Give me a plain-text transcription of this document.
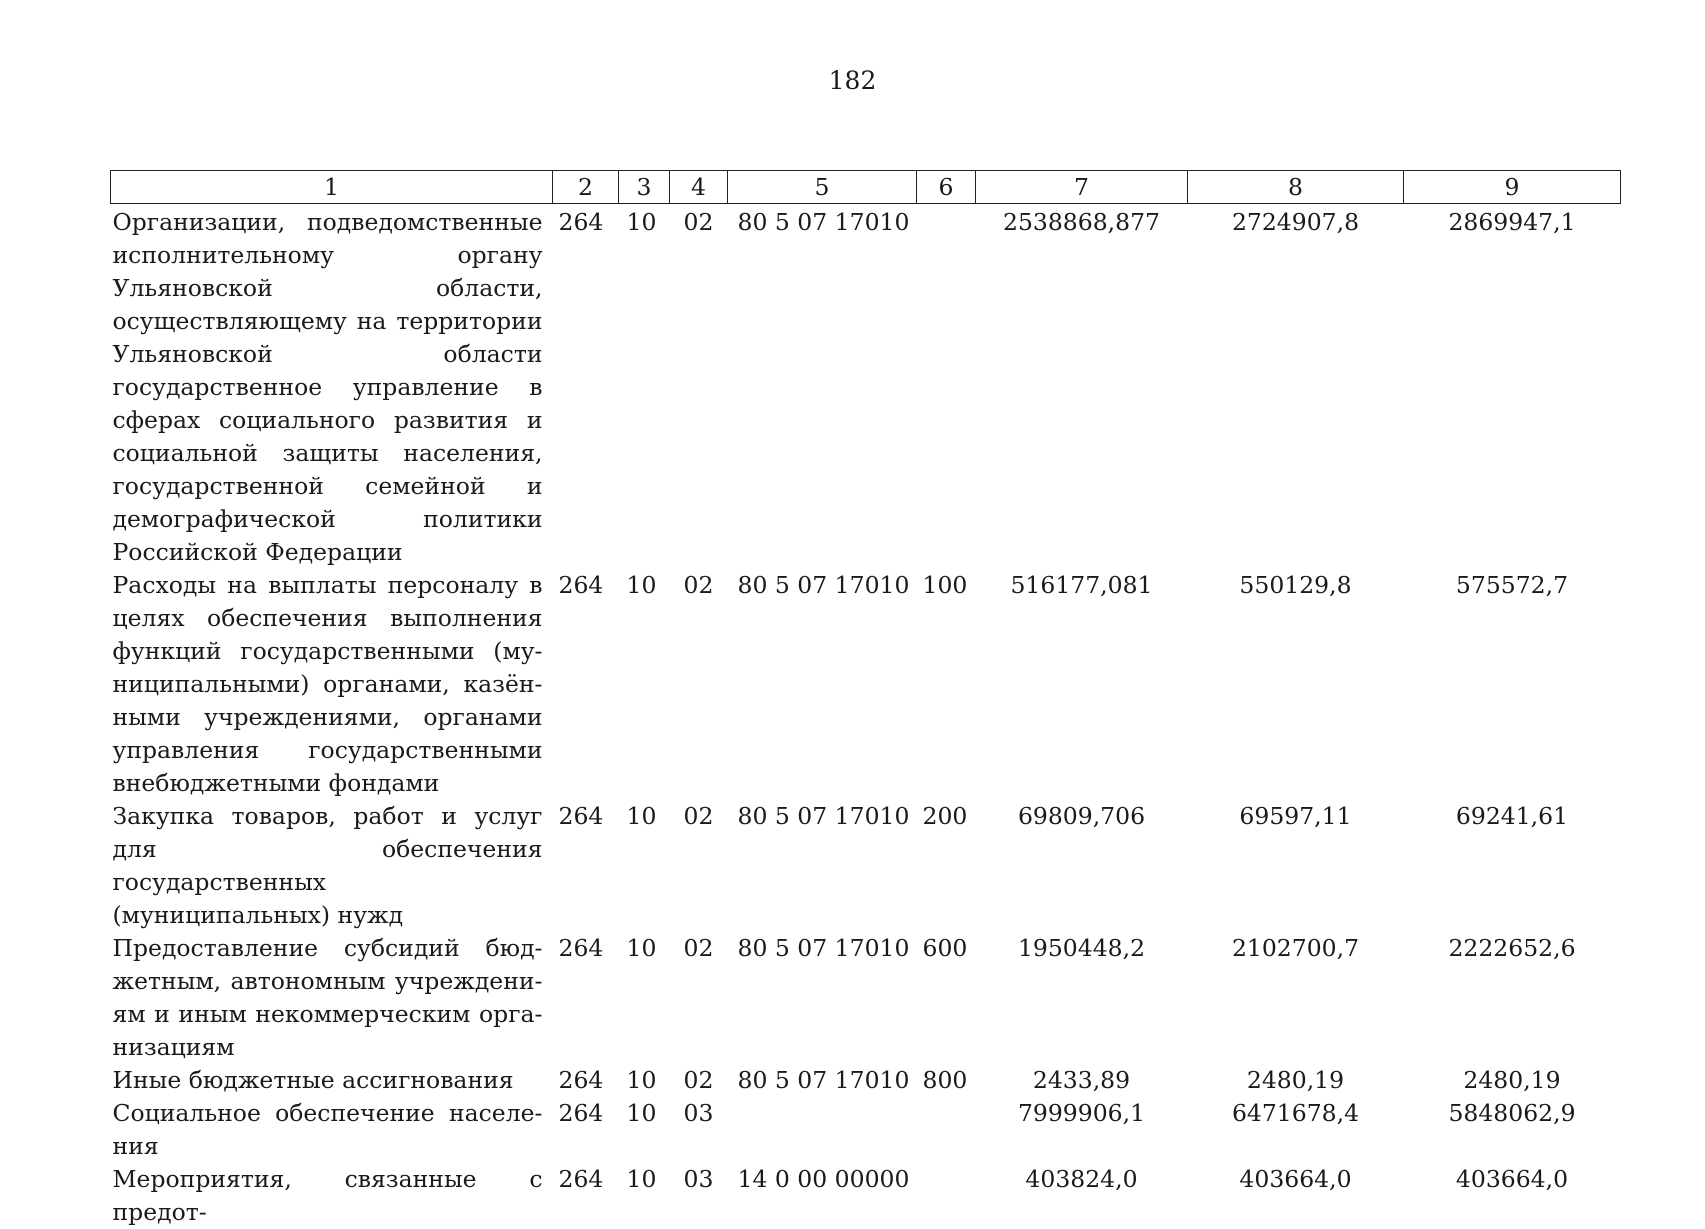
182
1	2	3	4	5	6	7	8	9
Организации, подведомственные исполнительному органу Ульяновской области, осуществляющему на территории Ульяновской области государственное управление в сферах социального развития и социальной защиты населения, государственной семейной и демографической политики Российской Федерации	264	10	02	80 5 07 17010		2538868,877	2724907,8	2869947,1
Расходы на выплаты персоналу в целях обеспечения выполнения функций государственными (муниципальными) органами, казёнными учреждениями, органами управления государственными внебюджетными фондами	264	10	02	80 5 07 17010	100	516177,081	550129,8	575572,7
Закупка товаров, работ и услуг для обеспечения государственных (муниципальных) нужд	264	10	02	80 5 07 17010	200	69809,706	69597,11	69241,61
Предоставление субсидий бюджетным, автономным учреждениям и иным некоммерческим организациям	264	10	02	80 5 07 17010	600	1950448,2	2102700,7	2222652,6
Иные бюджетные ассигнования	264	10	02	80 5 07 17010	800	2433,89	2480,19	2480,19
Социальное обеспечение населения	264	10	03			7999906,1	6471678,4	5848062,9
Мероприятия, связанные с предот-	264	10	03	14 0 00 00000		403824,0	403664,0	403664,0
